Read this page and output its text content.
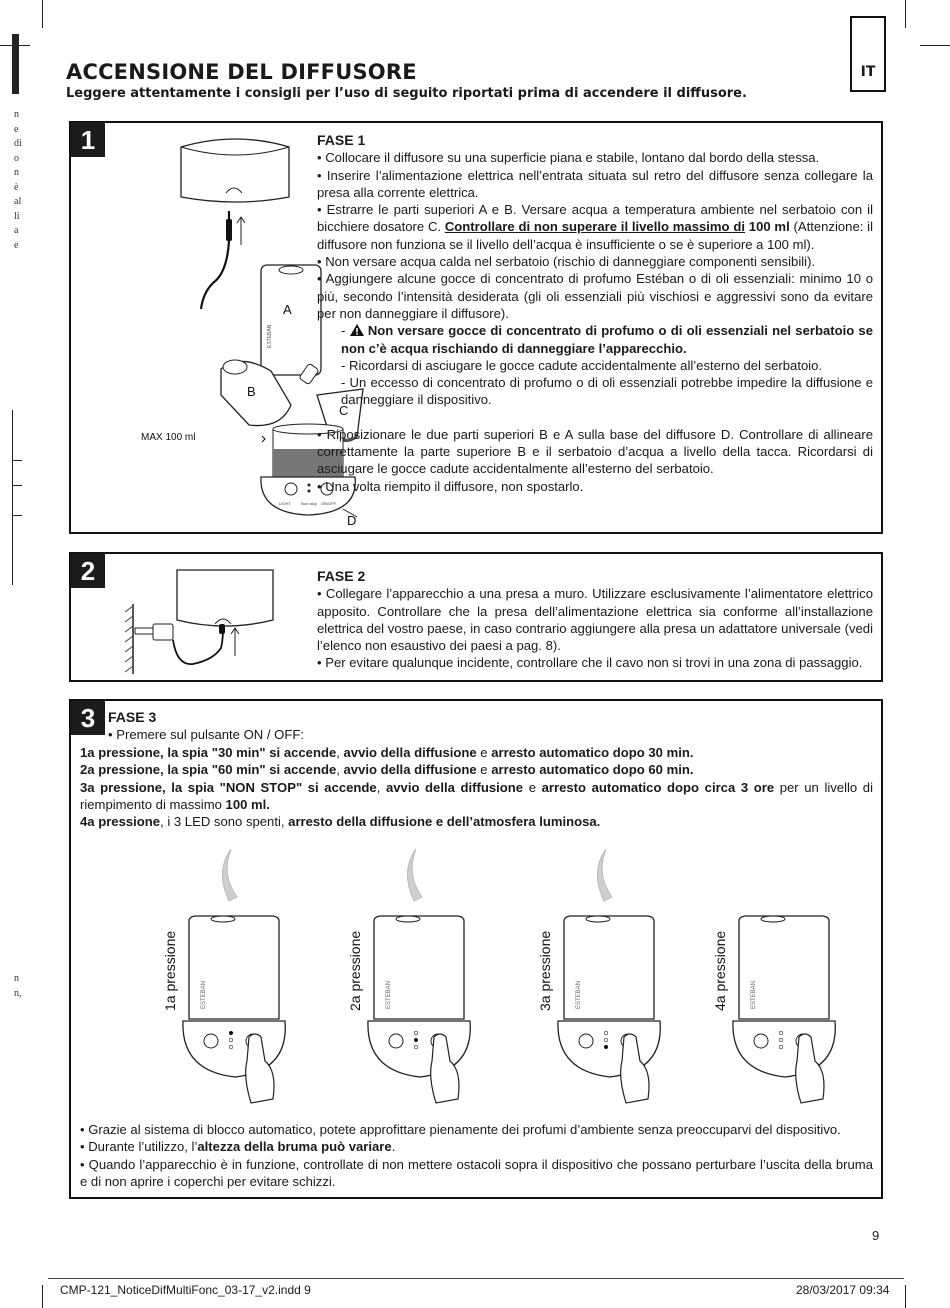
n
e
di
o
n
è
al
li
a
e
n
n,
IT
ACCENSIONE DEL DIFFUSORE
Leggere attentamente i consigli per l’uso di seguito riportati prima di accendere il diffusore.
1
A
ESTEBAN
B
C
MAX 100 ml
LIGHT	Non stop ON/OFF
D

FASE 1

• Collocare il diffusore su una superficie piana e stabile, lontano dal bordo della stessa.

• Inserire l’alimentazione elettrica nell’entrata situata sul retro del diffusore senza collegare la presa alla corrente elettrica.

• Estrarre le parti superiori A e B. Versare acqua a temperatura ambiente nel serbatoio con il bicchiere dosatore C. Controllare di non superare il livello massimo di 100 ml (Attenzione: il diffusore non funziona se il livello dell’acqua è insufficiente o se è superiore a 100 ml).

• Non versare acqua calda nel serbatoio (rischio di danneggiare componenti sensibili).

• Aggiungere alcune gocce di concentrato di profumo Estéban o di oli essenziali: minimo 10 o più, secondo l’intensità desiderata (gli oli essenziali più vischiosi e aggressivi sono da evitare per non danneggiare il diffusore).

- Non versare gocce di concentrato di profumo o di oli essenziali nel serbatoio se non c’è acqua rischiando di danneggiare l’apparecchio.

- Ricordarsi di asciugare le gocce cadute accidentalmente all’esterno del serbatoio.

- Un eccesso di concentrato di profumo o di oli essenziali potrebbe impedire la diffusione e danneggiare il dispositivo.

• Riposizionare le due parti superiori B e A sulla base del diffusore D. Controllare di allineare correttamente la parte superiore B e il serbatoio d’acqua a livello della tacca. Ricordarsi di asciugare le gocce cadute accidentalmente all’esterno del serbatoio.

• Una volta riempito il diffusore, non spostarlo.

2	FASE 2

• Collegare l’apparecchio a una presa a muro. Utilizzare esclusivamente l’alimentatore elettrico apposito. Controllare che la presa dell’alimentazione elettrica sia conforme all’installazione elettrica del vostro paese, in caso contrario aggiungere alla presa un adattatore universale (vedi l’elenco non esaustivo dei paesi a pag. 8).

• Per evitare qualunque incidente, controllare che il cavo non si trovi in una zona di passaggio.

3 FASE 3

• Premere sul pulsante ON / OFF:

1a pressione, la spia "30 min" si accende, avvio della diffusione e arresto automatico dopo 30 min.

2a pressione, la spia "60 min" si accende, avvio della diffusione e arresto automatico dopo 60 min.

3a pressione, la spia "NON STOP" si accende, avvio della diffusione e arresto automatico dopo circa 3 ore per un livello di riempimento di massimo 100 ml.

4a pressione, i 3 LED sono spenti, arresto della diffusione e dell’atmosfera luminosa.

ESTEBAN
1a pressione	ESTEBAN
2a pressione	ESTEBAN
3a pressione	ESTEBAN
4a pressione

• Grazie al sistema di blocco automatico, potete approfittare pienamente dei profumi d’ambiente senza preoccuparvi del dispositivo.

• Durante l’utilizzo, l’altezza della bruma può variare.

• Quando l’apparecchio è in funzione, controllate di non mettere ostacoli sopra il dispositivo che possano perturbare l’uscita della bruma e di non aprire i coperchi per evitare schizzi.

9
CMP-121_NoticeDifMultiFonc_03-17_v2.indd 9	28/03/2017 09:34
